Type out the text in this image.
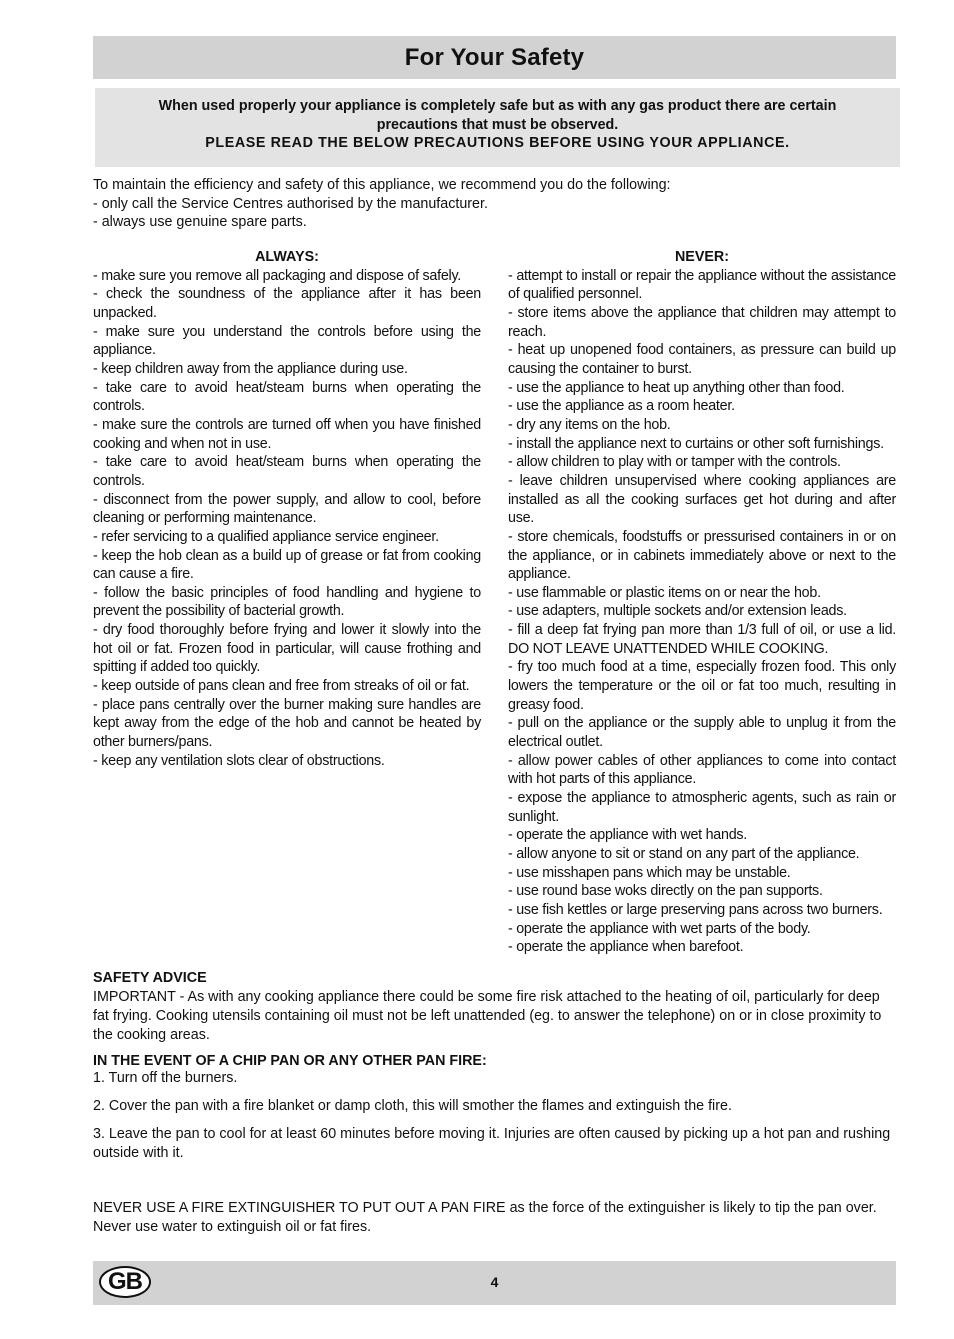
For Your Safety
When used properly your appliance is completely safe but as with any gas product there are certain
precautions that must be observed.
PLEASE READ THE BELOW PRECAUTIONS BEFORE USING YOUR APPLIANCE.
To maintain the efficiency and safety of this appliance, we recommend you do the following:
- only call the Service Centres authorised by the manufacturer.
- always use genuine spare parts.
ALWAYS:

- make sure you remove all packaging and dispose of safely.

- check the soundness of the appliance after it has been unpacked.

- make sure you understand the controls before using the appliance.

- keep children away from the appliance during use.

- take care to avoid heat/steam burns when operating the controls.

- make sure the controls are turned off when you have finished cooking and when not in use.

- take care to avoid heat/steam burns when operating the controls.

- disconnect from the power supply, and allow to cool, before cleaning or performing maintenance.

- refer servicing to a qualified appliance service engineer.

- keep the hob clean as a build up of grease or fat from cooking can cause a fire.

- follow the basic principles of food handling and hygiene to prevent the possibility of bacterial growth.

- dry food thoroughly before frying and lower it slowly into the hot oil or fat. Frozen food in particular, will cause frothing and spitting if added too quickly.

- keep outside of pans clean and free from streaks of oil or fat.

- place pans centrally over the burner making sure handles are kept away from the edge of the hob and cannot be heated by other burners/pans.

- keep any ventilation slots clear of obstructions.

NEVER:

- attempt to install or repair the appliance without the assistance of qualified personnel.

- store items above the appliance that children may attempt to reach.

- heat up unopened food containers, as pressure can build up causing the container to burst.

- use the appliance to heat up anything other than food.

- use the appliance as a room heater.

- dry any items on the hob.

- install the appliance next to curtains or other soft furnishings.

- allow children to play with or tamper with the controls.

- leave children unsupervised where cooking appliances are installed as all the cooking surfaces get hot during and after use.

- store chemicals, foodstuffs or pressurised containers in or on the appliance, or in cabinets immediately above or next to the appliance.

- use flammable or plastic items on or near the hob.

- use adapters, multiple sockets and/or extension leads.

- fill a deep fat frying pan more than 1/3 full of oil, or use a lid. DO NOT LEAVE UNATTENDED WHILE COOKING.

- fry too much food at a time, especially frozen food. This only lowers the temperature or the oil or fat too much, resulting in greasy food.

- pull on the appliance or the supply able to unplug it from the electrical outlet.

- allow power cables of other appliances to come into contact with hot parts of this appliance.

- expose the appliance to atmospheric agents, such as rain or sunlight.

- operate the appliance with wet hands.

- allow anyone to sit or stand on any part of the appliance.

- use misshapen pans which may be unstable.

- use round base woks directly on the pan supports.

- use fish kettles or large preserving pans across two burners.

- operate the appliance with wet parts of the body.

- operate the appliance when barefoot.

SAFETY ADVICE

IMPORTANT - As with any cooking appliance there could be some fire risk attached to the heating of oil, particularly for deep fat frying. Cooking utensils containing oil must not be left unattended (eg. to answer the telephone) on or in close proximity to the cooking areas.

IN THE EVENT OF A CHIP PAN OR ANY OTHER PAN FIRE:

1. Turn off the burners.

2. Cover the pan with a fire blanket or damp cloth, this will smother the flames and extinguish the fire.

3. Leave the pan to cool for at least 60 minutes before moving it. Injuries are often caused by picking up a hot pan and rushing outside with it.

NEVER USE A FIRE EXTINGUISHER TO PUT OUT A PAN FIRE as the force of the extinguisher is likely to tip the pan over. Never use water to extinguish oil or fat fires.

GB	4
